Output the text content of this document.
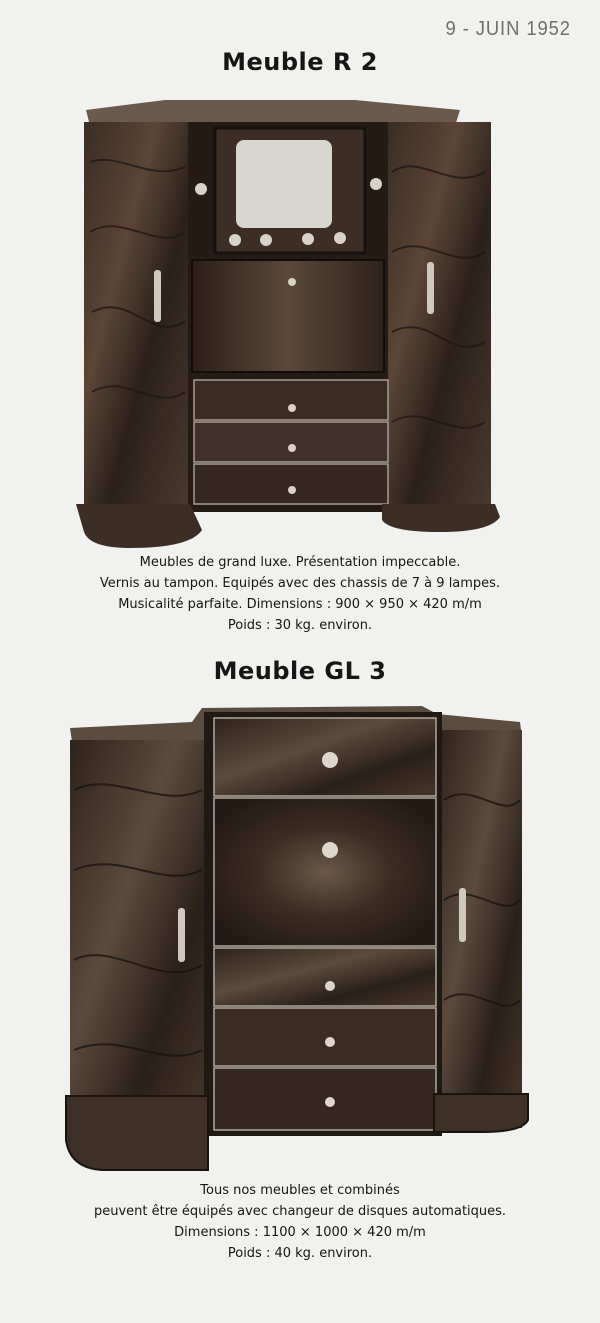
9 - JUIN 1952
Meuble R 2
Meubles de grand luxe. Présentation impeccable.
Vernis au tampon. Equipés avec des chassis de 7 à 9 lampes.
Musicalité parfaite. Dimensions : 900 × 950 × 420 m/m
Poids : 30 kg. environ.
Meuble GL 3
Tous nos meubles et combinés
peuvent être équipés avec changeur de disques automatiques.
Dimensions : 1100 × 1000 × 420 m/m
Poids : 40 kg. environ.
